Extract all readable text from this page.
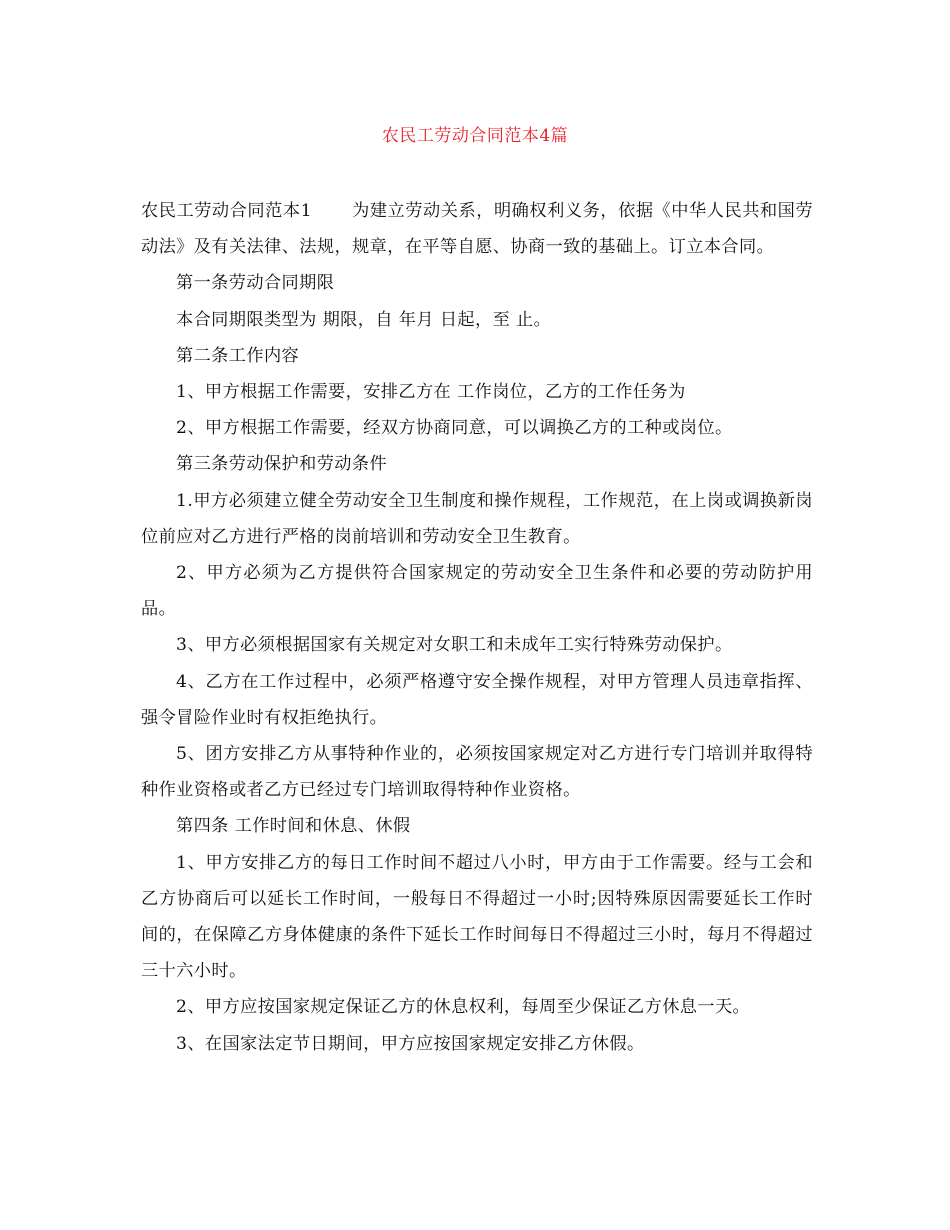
农民工劳动合同范本4篇

农民工劳动合同范本1 为建立劳动关系，明确权利义务，依据《中华人民共和国劳动法》及有关法律、法规，规章，在平等自愿、协商一致的基础上。订立本合同。

第一条劳动合同期限

本合同期限类型为 期限，自 年月 日起，至 止。

第二条工作内容

1、甲方根据工作需要，安排乙方在 工作岗位，乙方的工作任务为

2、甲方根据工作需要，经双方协商同意，可以调换乙方的工种或岗位。

第三条劳动保护和劳动条件

1.甲方必须建立健全劳动安全卫生制度和操作规程，工作规范，在上岗或调换新岗位前应对乙方进行严格的岗前培训和劳动安全卫生教育。

2、甲方必须为乙方提供符合国家规定的劳动安全卫生条件和必要的劳动防护用品。

3、甲方必须根据国家有关规定对女职工和未成年工实行特殊劳动保护。

4、乙方在工作过程中，必须严格遵守安全操作规程，对甲方管理人员违章指挥、强令冒险作业时有权拒绝执行。

5、团方安排乙方从事特种作业的，必须按国家规定对乙方进行专门培训并取得特种作业资格或者乙方已经过专门培训取得特种作业资格。

第四条 工作时间和休息、休假

1、甲方安排乙方的每日工作时间不超过八小时，甲方由于工作需要。经与工会和乙方协商后可以延长工作时间，一般每日不得超过一小时;因特殊原因需要延长工作时间的，在保障乙方身体健康的条件下延长工作时间每日不得超过三小时，每月不得超过三十六小时。

2、甲方应按国家规定保证乙方的休息权利，每周至少保证乙方休息一天。

3、在国家法定节日期间，甲方应按国家规定安排乙方休假。
